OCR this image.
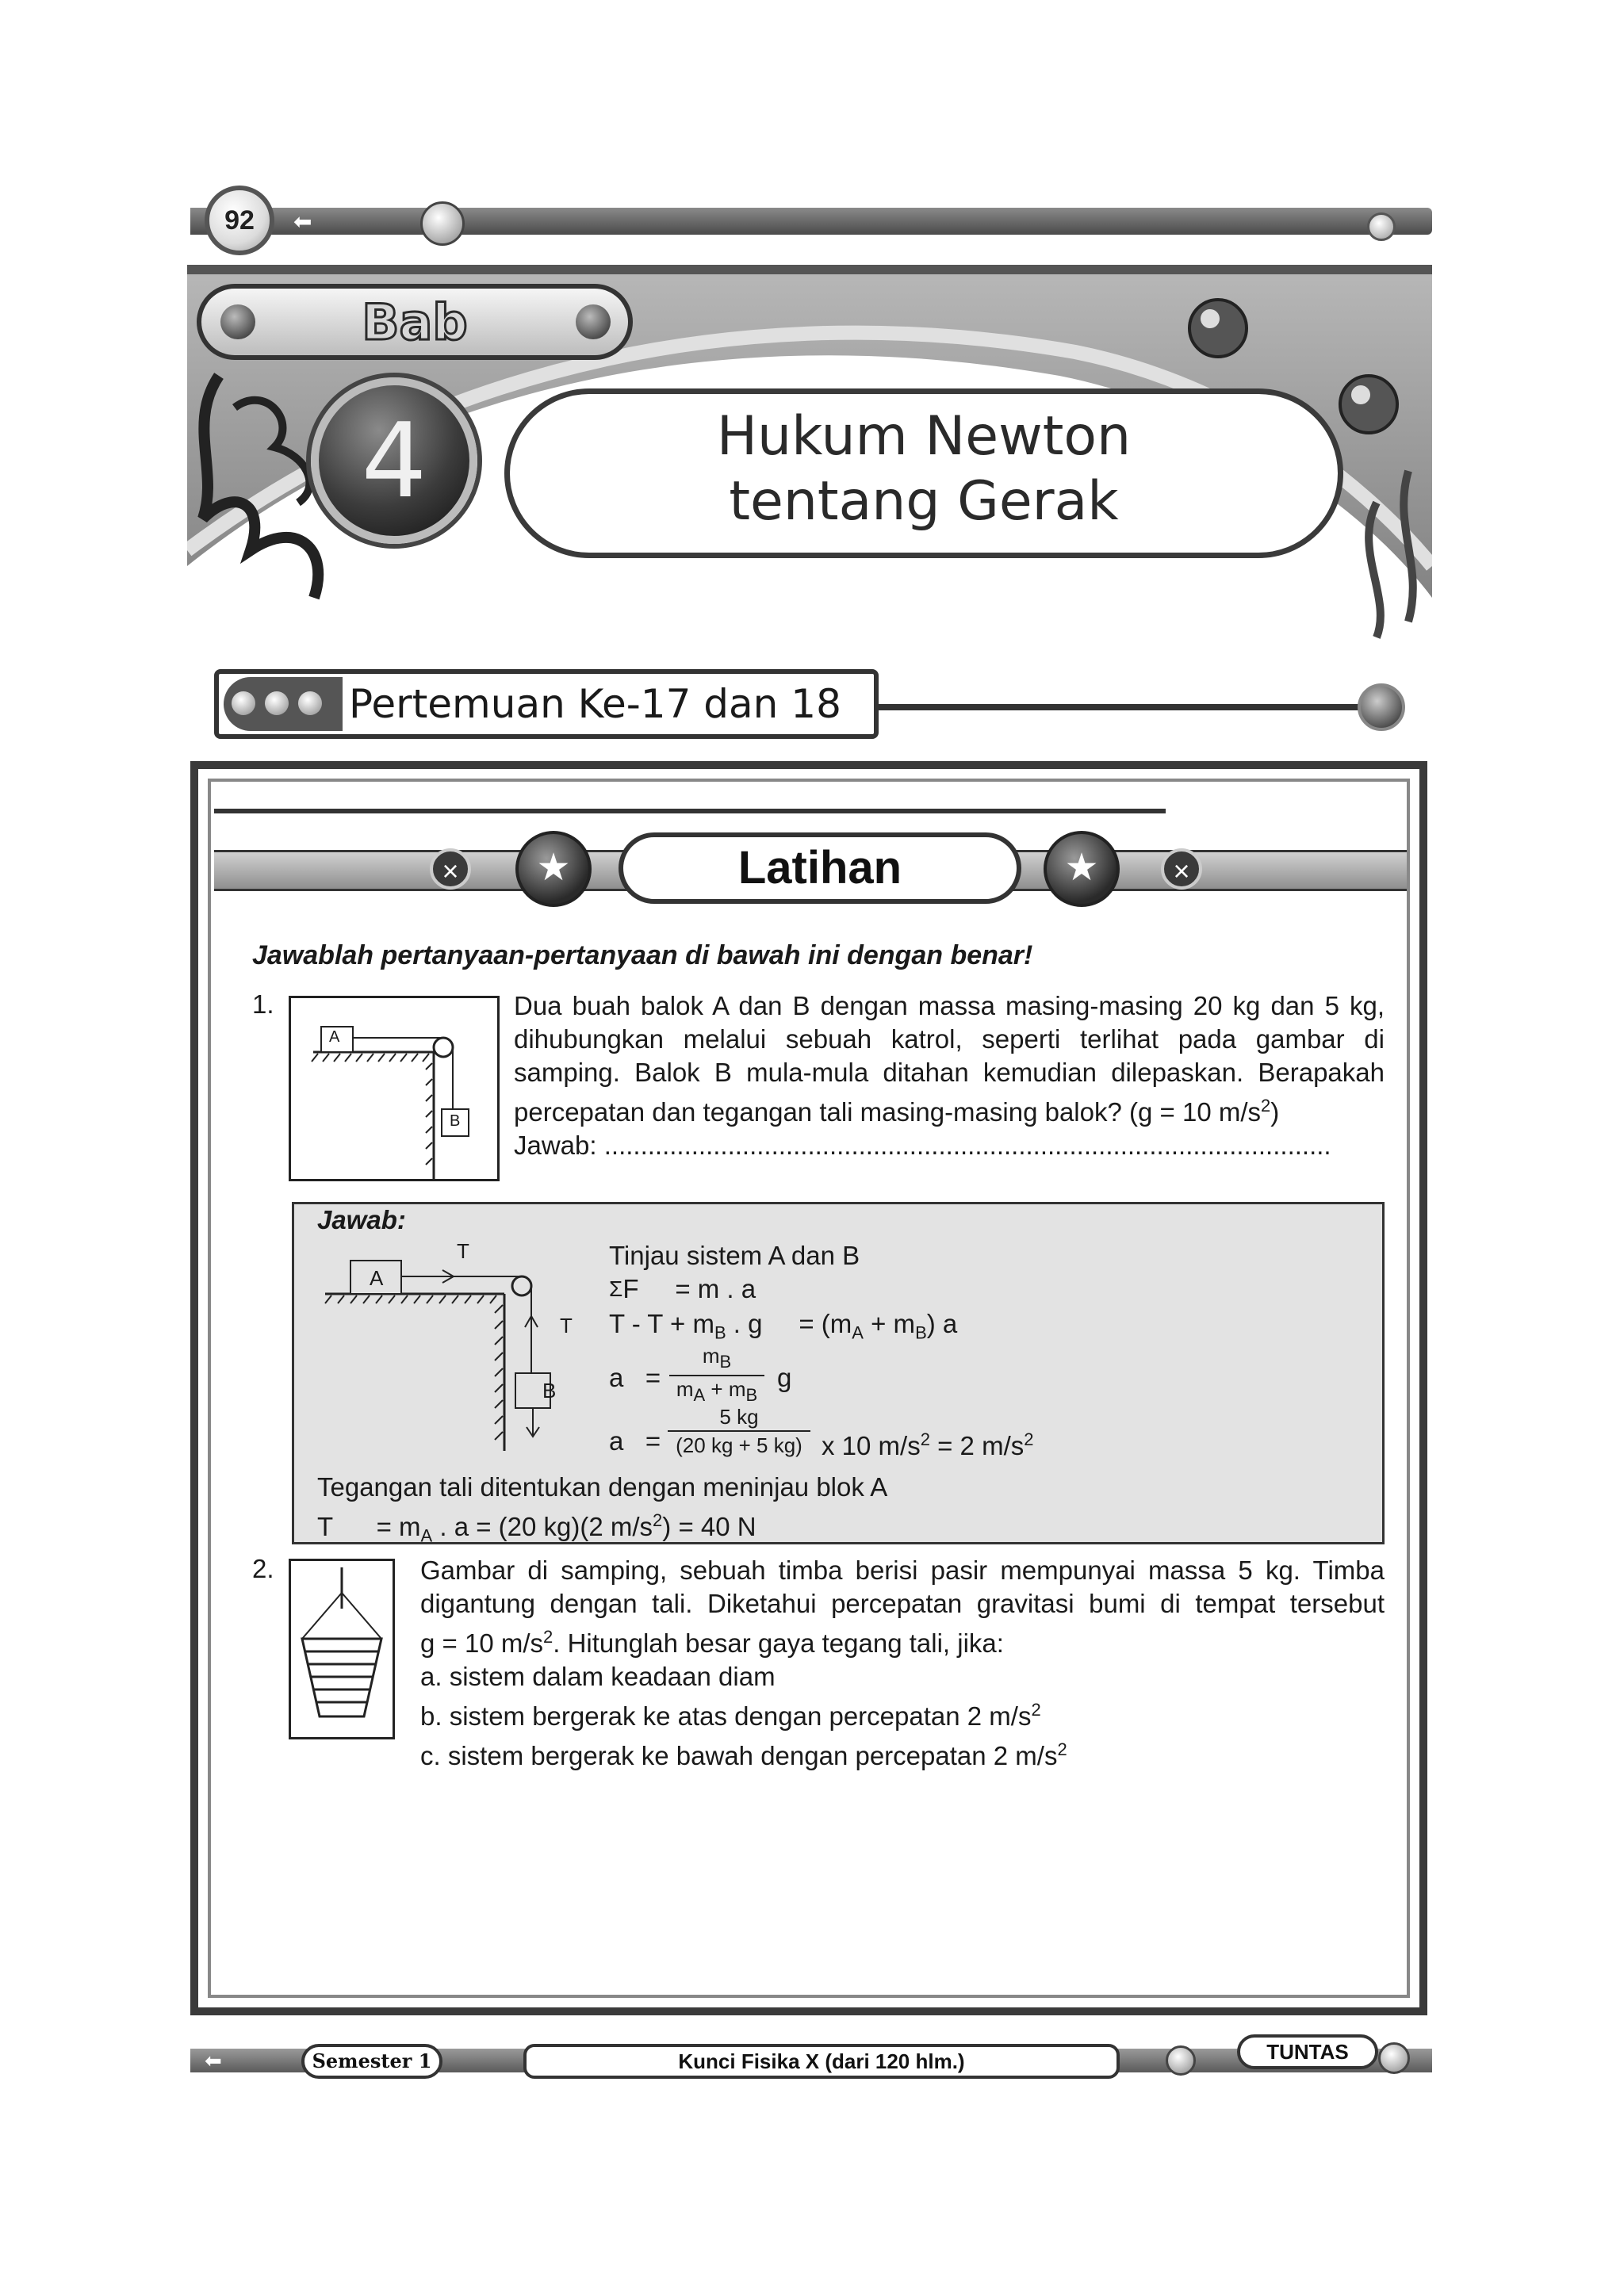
⬅
92
Bab
4	Hukum Newton
tentang Gerak
Pertemuan Ke-17 dan 18
×	★	Latihan	★	×
Jawablah pertanyaan-pertanyaan di bawah ini dengan benar!
1.
A
B
Dua buah balok A dan B dengan massa masing-masing 20 kg dan 5 kg,
dihubungkan melalui sebuah katrol, seperti terlihat pada gambar di
samping. Balok B mula-mula ditahan kemudian dilepaskan. Berapakah
percepatan dan tegangan tali masing-masing balok? (g = 10 $m/s^2$)
Jawab: ....................................................................................................
Jawab:
T
T
A
B
Tinjau sistem A dan B
$^\Sigma$F     = m . a
$T - T + m_B$ . g     = $(m_A + m_B)$ a
$a = \frac{m_B}{m_A + m_B}$ g
$a = \frac{5 kg}{(20 kg + 5 kg)}$ x 10 $m/s^2 = 2$ $m/s^2$
Tegangan tali ditentukan dengan meninjau blok A
T      = $m_A$ . a = (20 kg)(2 $m/s^2) = 40$ N
2.	Gambar di samping, sebuah timba berisi pasir mempunyai massa 5 kg. Timba
digantung dengan tali. Diketahui percepatan gravitasi bumi di tempat tersebut
g = 10 $m/s^2$. Hitunglah besar gaya tegang tali, jika:
a. sistem dalam keadaan diam
b. sistem bergerak ke atas dengan percepatan 2 $m/s^2$
c. sistem bergerak ke bawah dengan percepatan 2 $m/s^2$
⬅	Semester 1	Kunci Fisika X (dari 120 hlm.)	TUNTAS
